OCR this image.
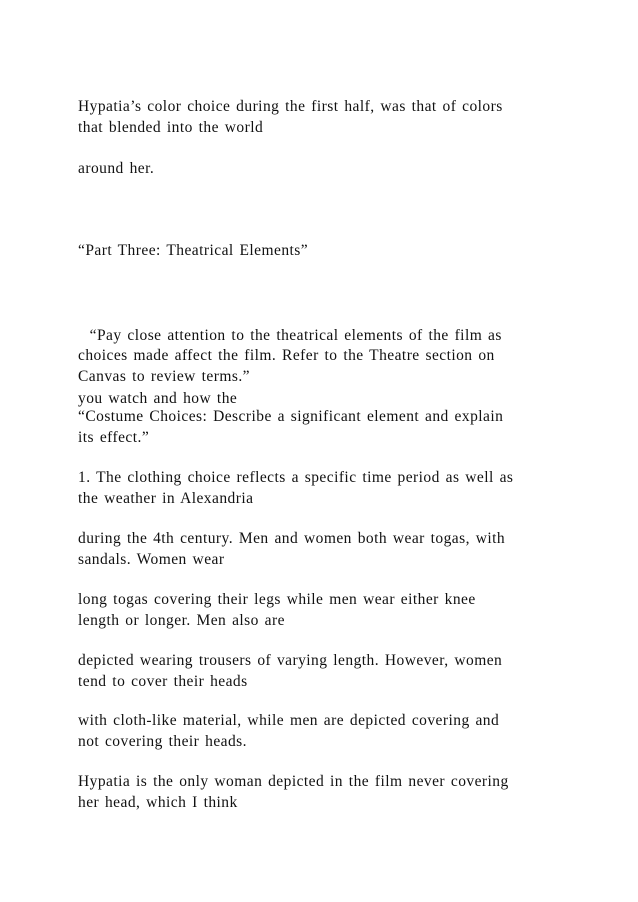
Hypatia’s color choice during the first half, was that of colors
that blended into the world

around her.

“Part Three: Theatrical Elements”

“Pay close attention to the theatrical elements of the film as

you watch and how the

choices made affect the film. Refer to the Theatre section on
Canvas to review terms.”

“Costume Choices: Describe a significant element and explain
its effect.”

1. The clothing choice reflects a specific time period as well as
the weather in Alexandria

during the 4th century. Men and women both wear togas, with
sandals. Women wear

long togas covering their legs while men wear either knee
length or longer. Men also are

depicted wearing trousers of varying length. However, women
tend to cover their heads

with cloth-like material, while men are depicted covering and
not covering their heads.

Hypatia is the only woman depicted in the film never covering
her head, which I think
